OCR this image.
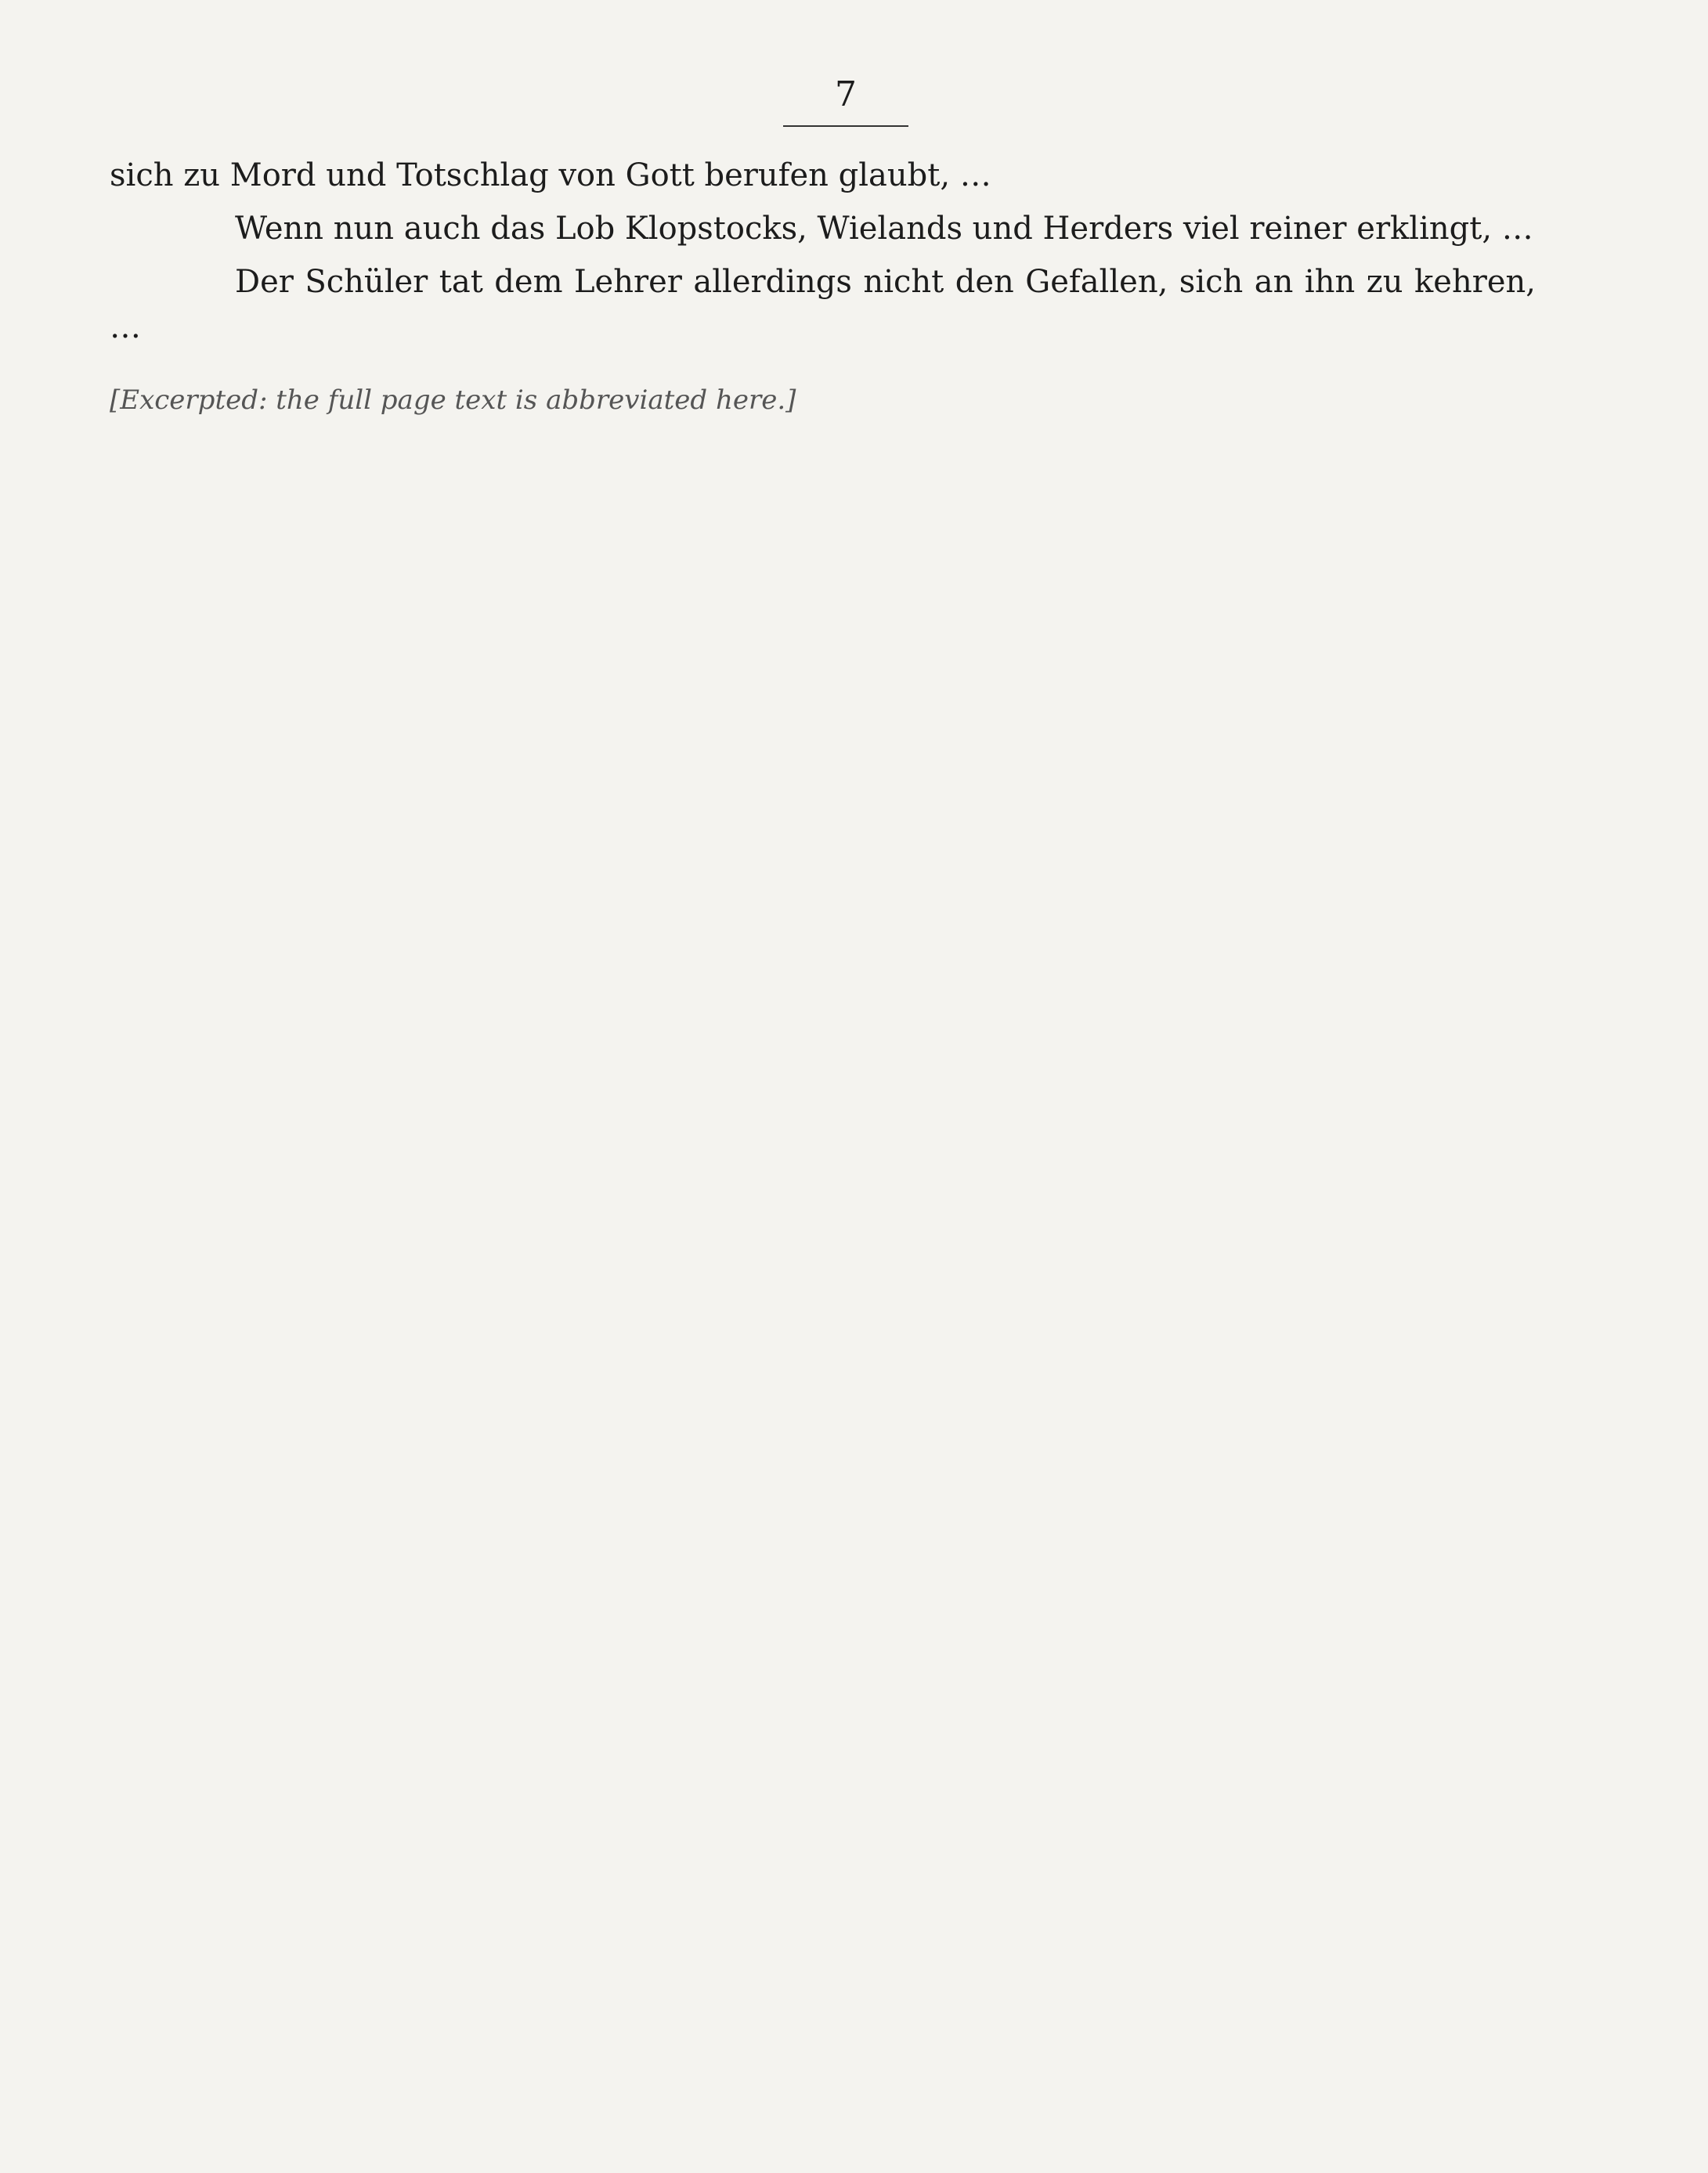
7

sich zu Mord und Totschlag von Gott berufen glaubt, …

Wenn nun auch das Lob Klopstocks, Wielands und Herders viel reiner erklingt, …

Der Schüler tat dem Lehrer allerdings nicht den Gefallen, sich an ihn zu kehren, …

[Excerpted: the full page text is abbreviated here.]
